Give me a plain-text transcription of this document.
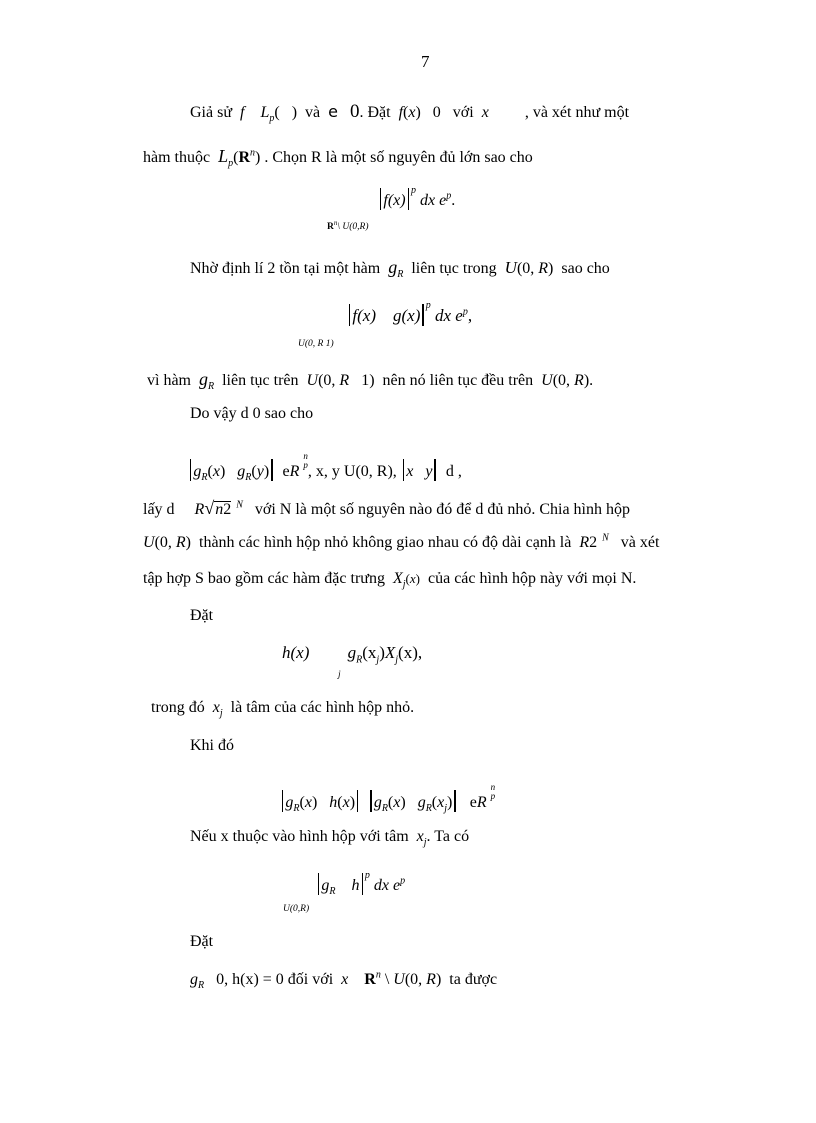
7
Giả sử f $L_p$(   )  và e 0. Đặt f(x)   0   với x , và xét như một
hàm thuộc $L_p(R^n)$ . Chọn R là một số nguyên đủ lớn sao cho
$f(x)^p$ dx $e^p$.
$R^n\backslash$ U(0,R)
Nhờ định lí 2 tồn tại một hàm $g_R$ liên tục trong U(0, R)  sao cho
f(x)    $g(x)^p$ dx $e^p$,
U(0, R 1)
vì hàm $g_R$ liên tục trên U(0, R   1)  nên nó liên tục đều trên U(0, R).
Do vậy d 0 sao cho
$g_R(x)$   $g_R(y)$  eR
n
p , x, y U(0, R), x y d ,
lấy d R√n2  $^N$ với N là một số nguyên nào đó để d đủ nhỏ. Chia hình hộp
U(0, R)  thành các hình hộp nhỏ không giao nhau có độ dài cạnh là R2  $^N$ và xét
tập hợp S bao gồm các hàm đặc trưng $X_j(x)$ của các hình hộp này với mọi N.
Đặt
h(x) $g_R(x_j)X_j(x)$,
j
trong đó $x_j$ là tâm của các hình hộp nhỏ.
Khi đó
$g_R(x)$   h(x) $g_R(x)$   $g_R(x_j)$   eR
n
p
Nếu x thuộc vào hình hộp với tâm $x_j$. Ta có
$g_R$ $h^p$ dx $e^p$
U(0,R)
Đặt
$g_R$   0, h(x) = 0 đối với x $R^n$ \ U(0, R)  ta được
